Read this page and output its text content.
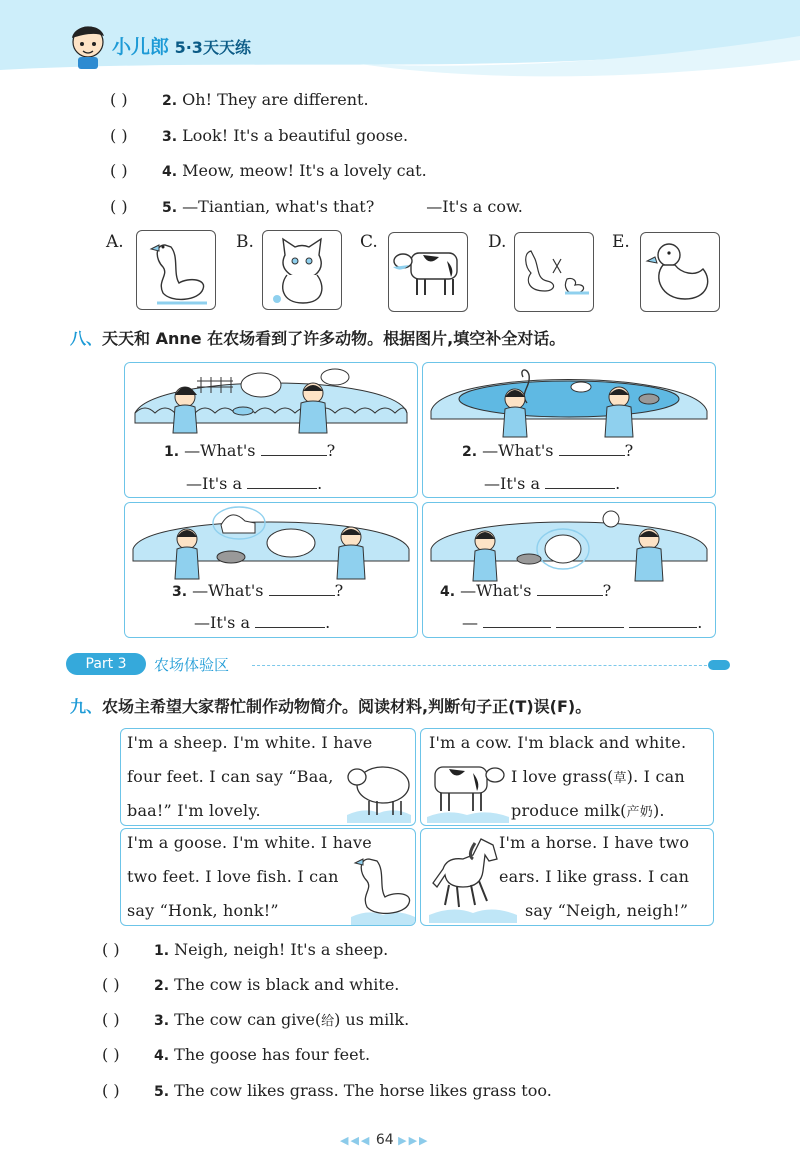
小儿郎 5·3天天练
( ) 2. Oh! They are different.
( ) 3. Look! It's a beautiful goose.
( ) 4. Meow, meow! It's a lovely cat.
( ) 5. —Tiantian, what's that?	—It's a cow.
A.	B.	C.	D.	E.
八、天天和 Anne 在农场看到了许多动物。根据图片,填空补全对话。
1. —What's	?
—It's a	.
2. —What's	?
—It's a	.
3. —What's	?
—It's a	.
4. —What's	?
—	.
Part 3	农场体验区
九、农场主希望大家帮忙制作动物简介。阅读材料,判断句子正(T)误(F)。
I'm a sheep. I'm white. I have
four feet. I can say “Baa,
baa!” I'm lovely.
I'm a cow. I'm black and white.
I love grass(草). I can
produce milk(产奶).
I'm a goose. I'm white. I have
two feet. I love fish. I can
say “Honk, honk!”
I'm a horse. I have two
ears. I like grass. I can
say “Neigh, neigh!”
( ) 1. Neigh, neigh! It's a sheep.
( ) 2. The cow is black and white.
( ) 3. The cow can give(给) us milk.
( ) 4. The goose has four feet.
( ) 5. The cow likes grass. The horse likes grass too.
◀◀◀ 64 ▶▶▶
